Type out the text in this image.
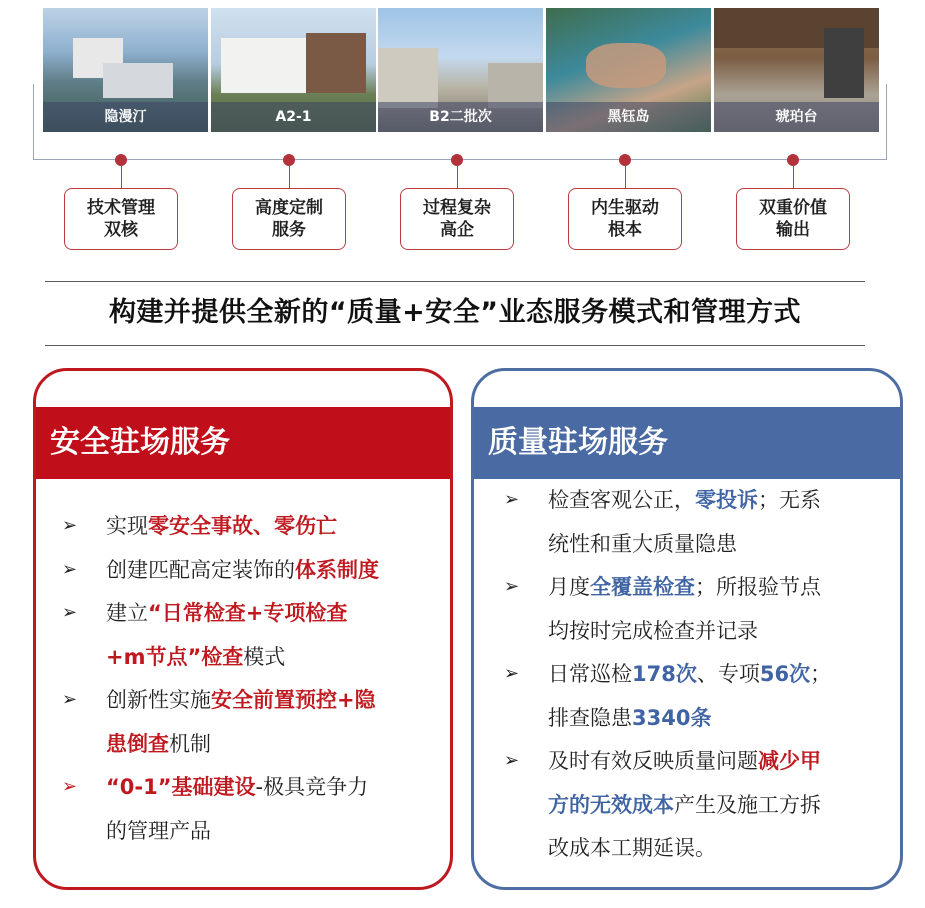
隐漫汀	A2-1	B2二批次	黑钰岛	琥珀台
技术管理
双核
高度定制
服务
过程复杂
高企
内生驱动
根本
双重价值
输出
构建并提供全新的“质量+安全”业态服务模式和管理方式
安全驻场服务
➢ 实现零安全事故、零伤亡
➢ 创建匹配高定装饰的体系制度
➢ 建立“日常检查+专项检查
+m节点”检查模式
➢ 创新性实施安全前置预控+隐
患倒查机制
➢ “0-1”基础建设-极具竞争力
的管理产品
质量驻场服务
➢ 检查客观公正，零投诉；无系
统性和重大质量隐患
➢ 月度全覆盖检查；所报验节点
均按时完成检查并记录
➢ 日常巡检178次、专项56次；
排查隐患3340条
➢ 及时有效反映质量问题减少甲
方的无效成本产生及施工方拆
改成本工期延误。
